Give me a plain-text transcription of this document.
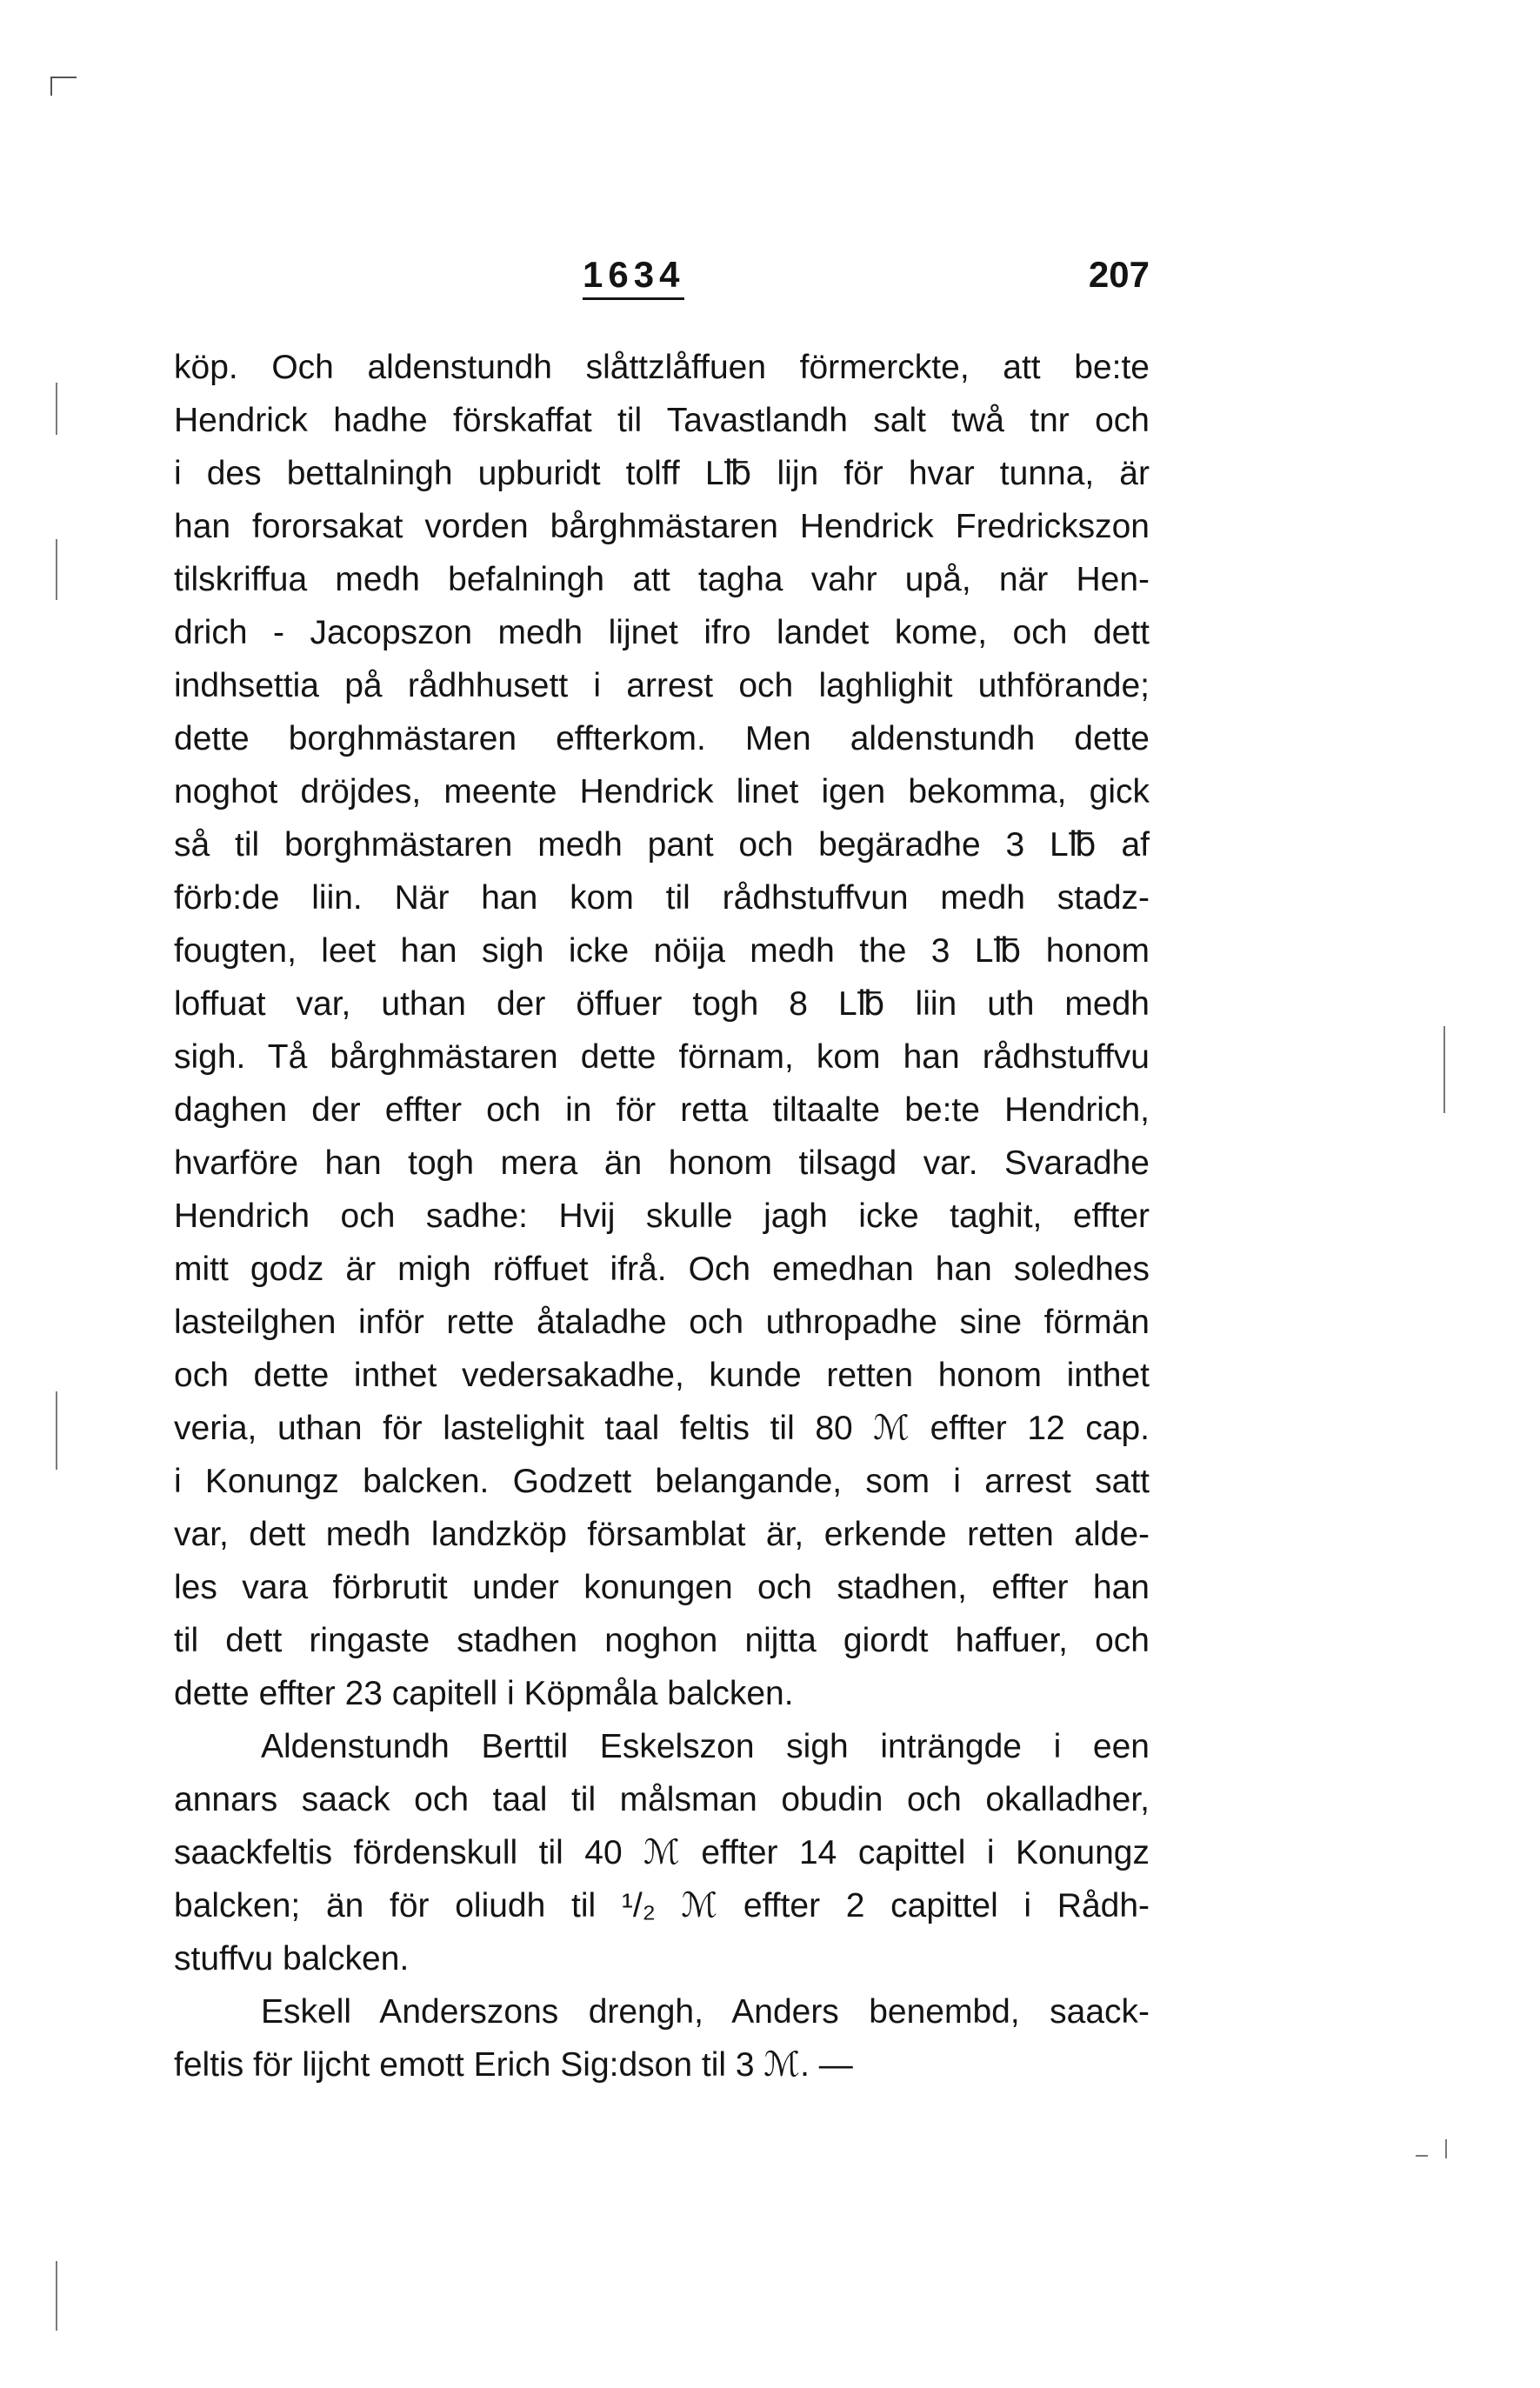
1634	207
köp. Och aldenstundh slåttzlåffuen förmerckte, att be:te
Hendrick hadhe förskaffat til Tavastlandh salt twå tnr och
i des bettalningh upburidt tolff L℔ lijn för hvar tunna, är
han fororsakat vorden bårghmästaren Hendrick Fredrickszon
tilskriffua medh befalningh att tagha vahr upå, när Hen-
drich - Jacopszon medh lijnet ifro landet kome, och dett
indhsettia på rådhhusett i arrest och laghlighit uthförande;
dette borghmästaren effterkom. Men aldenstundh dette
noghot dröjdes, meente Hendrick linet igen bekomma, gick
så til borghmästaren medh pant och begäradhe 3 L℔ af
förb:de liin. När han kom til rådhstuffvun medh stadz-
fougten, leet han sigh icke nöija medh the 3 L℔ honom
loffuat var, uthan der öffuer togh 8 L℔ liin uth medh
sigh. Tå bårghmästaren dette förnam, kom han rådhstuffvu
daghen der effter och in för retta tiltaalte be:te Hendrich,
hvarföre han togh mera än honom tilsagd var. Svaradhe
Hendrich och sadhe: Hvij skulle jagh icke taghit, effter
mitt godz är migh röffuet ifrå. Och emedhan han soledhes
lasteilghen inför rette åtaladhe och uthropadhe sine förmän
och dette inthet vedersakadhe, kunde retten honom inthet
veria, uthan för lastelighit taal feltis til 80 ℳ effter 12 cap.
i Konungz balcken. Godzett belangande, som i arrest satt
var, dett medh landzköp församblat är, erkende retten alde-
les vara förbrutit under konungen och stadhen, effter han
til dett ringaste stadhen noghon nijtta giordt haffuer, och
dette effter 23 capitell i Köpmåla balcken.
Aldenstundh Berttil Eskelszon sigh inträngde i een
annars saack och taal til målsman obudin och okalladher,
saackfeltis fördenskull til 40 ℳ effter 14 capittel i Konungz
balcken; än för oliudh til ¹/₂ ℳ effter 2 capittel i Rådh-
stuffvu balcken.
Eskell Anderszons drengh, Anders benembd, saack-
feltis för lijcht emott Erich Sig:dson til 3 ℳ. —
